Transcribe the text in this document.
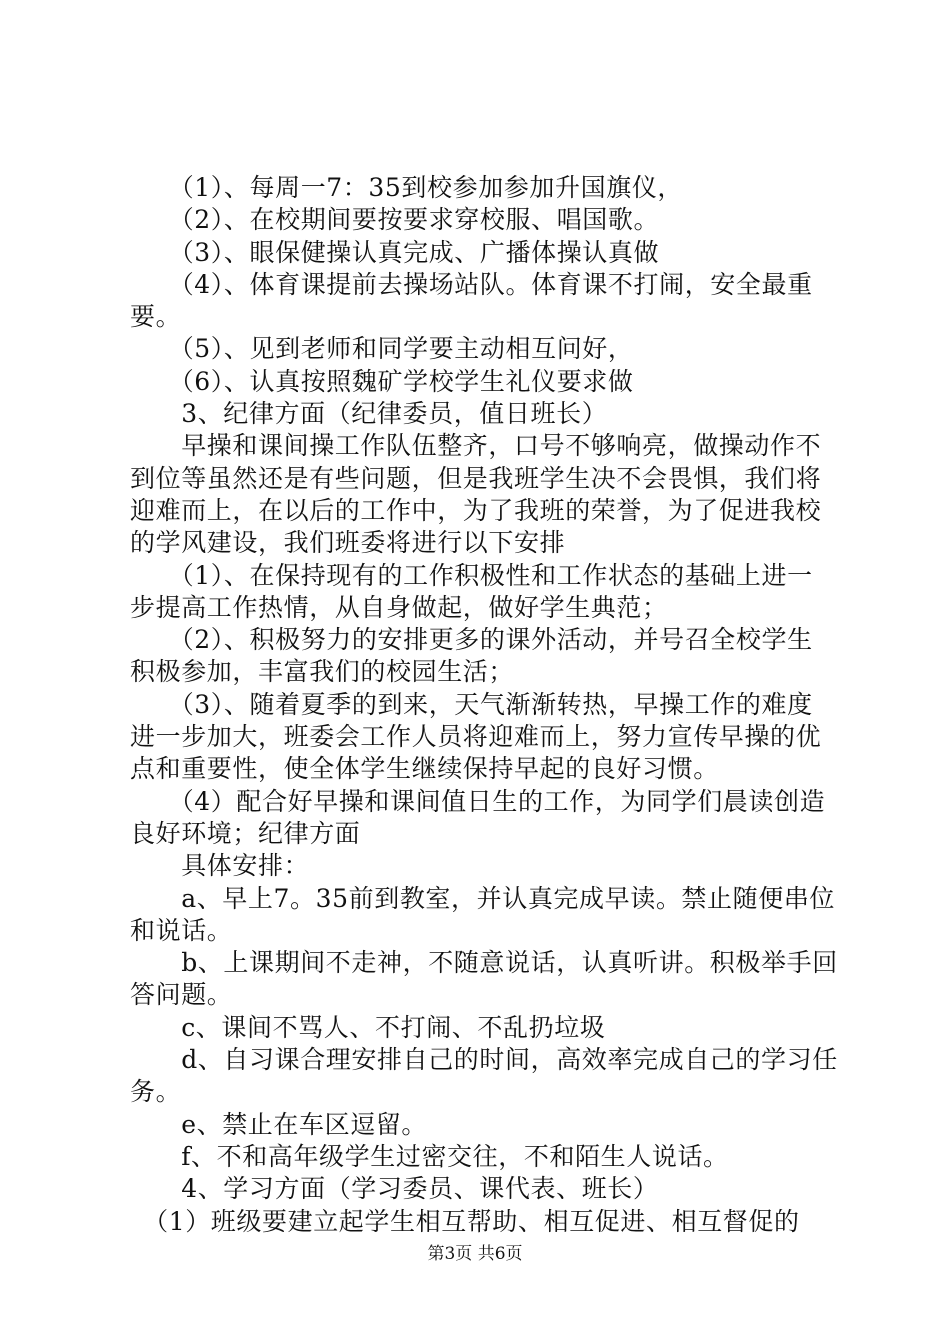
　　（1）、每周一7：35到校参加参加升国旗仪，
　　（2）、在校期间要按要求穿校服、唱国歌。
　　（3）、眼保健操认真完成、广播体操认真做
　　（4）、体育课提前去操场站队。体育课不打闹，安全最重
要。
　　（5）、见到老师和同学要主动相互问好，
　　（6）、认真按照魏矿学校学生礼仪要求做
　　3、纪律方面（纪律委员，值日班长）
　　早操和课间操工作队伍整齐，口号不够响亮，做操动作不
到位等虽然还是有些问题，但是我班学生决不会畏惧，我们将
迎难而上，在以后的工作中，为了我班的荣誉，为了促进我校
的学风建设，我们班委将进行以下安排
　　（1）、在保持现有的工作积极性和工作状态的基础上进一
步提高工作热情，从自身做起，做好学生典范；
　　（2）、积极努力的安排更多的课外活动，并号召全校学生
积极参加，丰富我们的校园生活；
　　（3）、随着夏季的到来，天气渐渐转热，早操工作的难度
进一步加大，班委会工作人员将迎难而上，努力宣传早操的优
点和重要性，使全体学生继续保持早起的良好习惯。
　　（4）配合好早操和课间值日生的工作，为同学们晨读创造
良好环境；纪律方面
　　具体安排：
　　a、早上7。35前到教室，并认真完成早读。禁止随便串位
和说话。
　　b、上课期间不走神，不随意说话，认真听讲。积极举手回
答问题。
　　c、课间不骂人、不打闹、不乱扔垃圾
　　d、自习课合理安排自己的时间，高效率完成自己的学习任
务。
　　e、禁止在车区逗留。
　　f、不和高年级学生过密交往，不和陌生人说话。
　　4、学习方面（学习委员、课代表、班长）
　（1）班级要建立起学生相互帮助、相互促进、相互督促的
第3页 共6页
